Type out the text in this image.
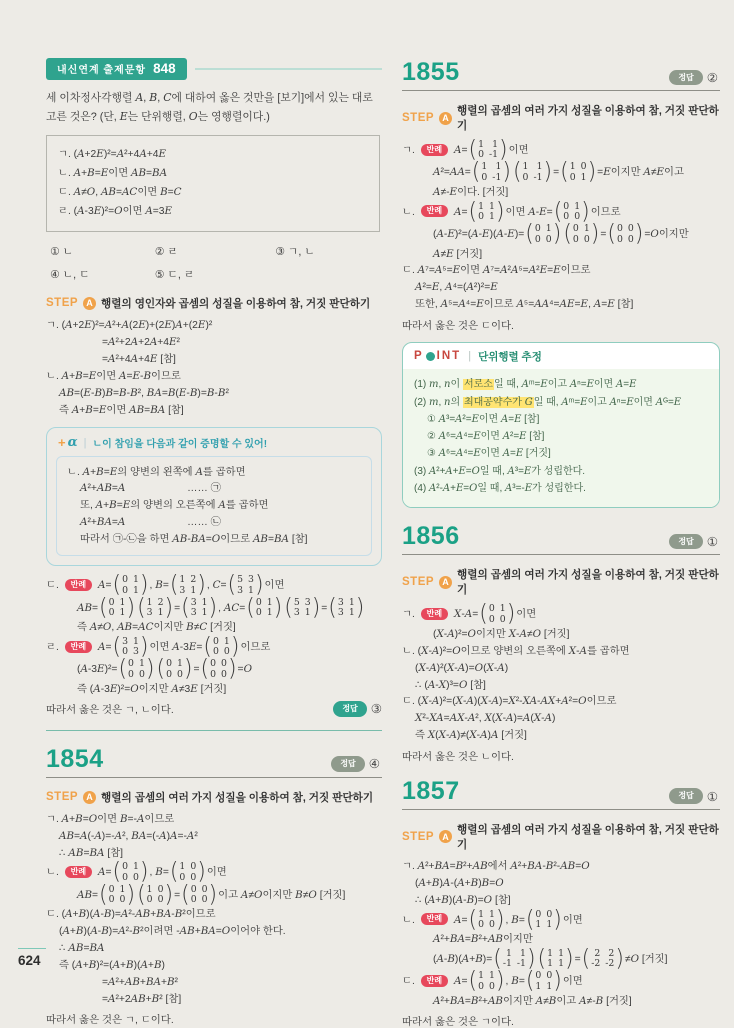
내신연계 출제문항 848

세 이차정사각행렬 A, B, C에 대하여 옳은 것만을 [보기]에서 있는 대로 고른 것은? (단, E는 단위행렬, O는 영행렬이다.)

ㄱ. (A+2E)²=A²+4A+4E
ㄴ. A+B=E이면 AB=BA
ㄷ. A≠O, AB=AC이면 B=C
ㄹ. (A-3E)²=O이면 A=3E
① ㄴ	② ㄹ	③ ㄱ, ㄴ
④ ㄴ, ㄷ	⑤ ㄷ, ㄹ
STEP A 행렬의 영인자와 곱셈의 성질을 이용하여 참, 거짓 판단하기
ㄱ. (A+2E)²=A²+A(2E)+(2E)A+(2E)²
=A²+2A+2A+4E²
=A²+4A+4E [참]
ㄴ. A+B=E이면 A=E-B이므로
AB=(E-B)B=B-B², BA=B(E-B)=B-B²
즉 A+B=E이면 AB=BA [참]
+ α | ㄴ이 참임을 다음과 같이 증명할 수 있어!
ㄴ. A+B=E의 양변의 왼쪽에 A를 곱하면
A²+AB=A      …… ㉠
또, A+B=E의 양변의 오른쪽에 A를 곱하면
A²+BA=A      …… ㉡
따라서 ㉠-㉡을 하면 AB-BA=O이므로 AB=BA [참]
ㄷ. 반례 A= ( 0 1
0 1 ) , B= ( 1 2
3 1 ) , C= ( 5 3
3 1 ) 이면
AB= ( 0 1
0 1 ) ( 1 2
3 1 ) = ( 3 1
3 1 ) , AC= ( 0 1
0 1 ) ( 5 3
3 1 ) = ( 3 1
3 1 )
즉 A≠O, AB=AC이지만 B≠C [거짓]
ㄹ. 반례 A= ( 3 1
0 3 ) 이면 A-3E= ( 0 1
0 0 ) 이므로
(A-3E)²= ( 0 1
0 0 ) ( 0 1
0 0 ) = ( 0 0
0 0 ) =O
즉 (A-3E)²=O이지만 A≠3E [거짓]
따라서 옳은 것은 ㄱ, ㄴ이다.	정답	③
1854	정답	④
STEP A 행렬의 곱셈의 여러 가지 성질을 이용하여 참, 거짓 판단하기
ㄱ. A+B=O이면 B=-A이므로
AB=A(-A)=-A², BA=(-A)A=-A²
∴ AB=BA [참]
ㄴ. 반례 A= ( 0 1
0 0 ) , B= ( 1 0
0 0 ) 이면
AB= ( 0 1
0 0 ) ( 1 0
0 0 ) = ( 0 0
0 0 ) 이고 A≠O이지만 B≠O [거짓]
ㄷ. (A+B)(A-B)=A²-AB+BA-B²이므로
(A+B)(A-B)=A²-B²이려면 -AB+BA=O이어야 한다.
∴ AB=BA
즉 (A+B)²=(A+B)(A+B)
=A²+AB+BA+B²
=A²+2AB+B² [참]
따라서 옳은 것은 ㄱ, ㄷ이다.
1855	정답	②
STEP A
행렬의 곱셈의 여러 가지 성질을 이용하여 참, 거짓 판단하기
ㄱ. 반례 A= ( 1 1
0 -1 ) 이면
A²=AA= ( 1 1
0 -1 ) ( 1 1
0 -1 ) = ( 1 0
0 1 ) =E이지만 A≠E이고
A≠-E이다. [거짓]
ㄴ. 반례 A= ( 1 1
0 1 ) 이면 A-E= ( 0 1
0 0 ) 이므로
(A-E)²=(A-E)(A-E)= ( 0 1
0 0 ) ( 0 1
0 0 ) = ( 0 0
0 0 ) =O이지만
A≠E [거짓]
ㄷ. A⁷=A⁵=E이면 A⁷=A²A⁵=A²E=E이므로
A²=E, A⁴=(A²)²=E
또한, A⁵=A⁴=E이므로 A⁵=AA⁴=AE=E, A=E [참]
따라서 옳은 것은 ㄷ이다.
P INT | 단위행렬 추정
(1) m, n이 서로소일 때, Aᵐ=E이고 Aⁿ=E이면 A=E
(2) m, n의 최대공약수가 G일 때, Aᵐ=E이고 Aⁿ=E이면 Aᴳ=E
① A³=A²=E이면 A=E [참]
② A⁶=A⁴=E이면 A²=E [참]
③ A⁶=A⁴=E이면 A=E [거짓]
(3) A²+A+E=O일 때, A³=E가 성립한다.
(4) A²-A+E=O일 때, A³=-E가 성립한다.
1856	정답	①
STEP A
행렬의 곱셈의 여러 가지 성질을 이용하여 참, 거짓 판단하기
ㄱ. 반례 X-A= ( 0 1
0 0 ) 이면
(X-A)²=O이지만 X-A≠O [거짓]
ㄴ. (X-A)²=O이므로 양변의 오른쪽에 X-A를 곱하면
(X-A)²(X-A)=O(X-A)
∴ (A-X)³=O [참]
ㄷ. (X-A)²=(X-A)(X-A)=X²-XA-AX+A²=O이므로
X²-XA=AX-A², X(X-A)=A(X-A)
즉 X(X-A)≠(X-A)A [거짓]
따라서 옳은 것은 ㄴ이다.
1857	정답	①
STEP A
행렬의 곱셈의 여러 가지 성질을 이용하여 참, 거짓 판단하기
ㄱ. A²+BA=B²+AB에서 A²+BA-B²-AB=O
(A+B)A-(A+B)B=O
∴ (A+B)(A-B)=O [참]
ㄴ. 반례 A= ( 1 1
0 0 ) , B= ( 0 0
1 1 ) 이면
A²+BA=B²+AB이지만
(A-B)(A+B)= ( 1 1
-1 -1 ) ( 1 1
1 1 ) = ( 2 2
-2 -2 ) ≠O [거짓]
ㄷ. 반례 A= ( 1 1
0 0 ) , B= ( 0 0
1 1 ) 이면
A²+BA=B²+AB이지만 A≠B이고 A≠-B [거짓]
따라서 옳은 것은 ㄱ이다.
624
